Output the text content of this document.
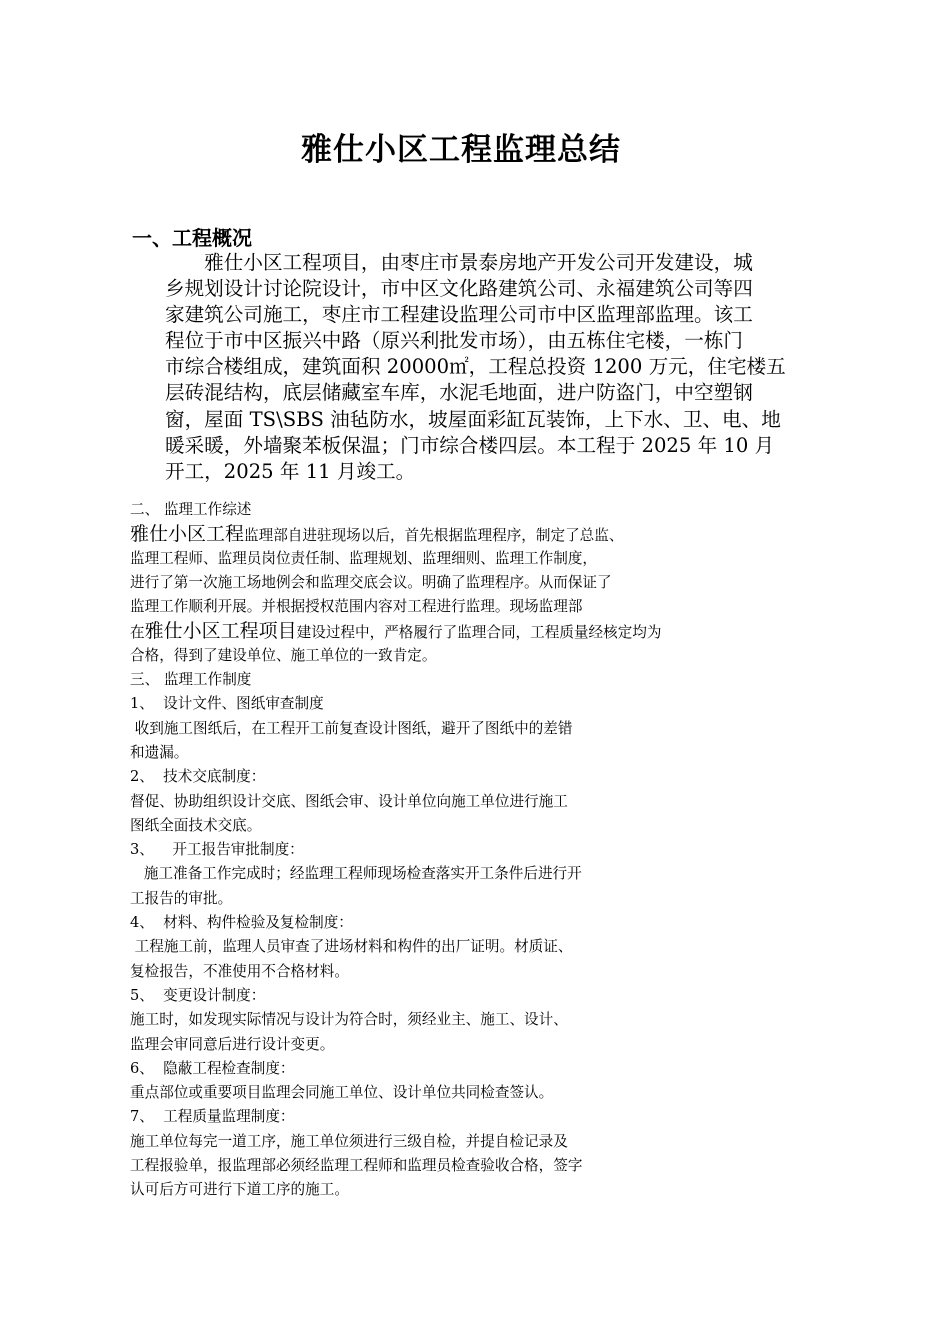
雅仕小区工程监理总结
一、工程概况
　　雅仕小区工程项目，由枣庄市景泰房地产开发公司开发建设，城
乡规划设计讨论院设计，市中区文化路建筑公司、永福建筑公司等四
家建筑公司施工，枣庄市工程建设监理公司市中区监理部监理。该工
程位于市中区振兴中路（原兴利批发市场），由五栋住宅楼，一栋门
市综合楼组成，建筑面积 20000㎡，工程总投资 1200 万元，住宅楼五
层砖混结构，底层储藏室车库，水泥毛地面，进户防盗门，中空塑钢
窗，屋面 TS\SBS 油毡防水，坡屋面彩缸瓦装饰，上下水、卫、电、地
暖采暖，外墙聚苯板保温；门市综合楼四层。本工程于 2025 年 10 月
开工，2025 年 11 月竣工。
二、 监理工作综述
雅仕小区工程监理部自进驻现场以后，首先根据监理程序，制定了总监、
监理工程师、监理员岗位责任制、监理规划、监理细则、监理工作制度，
进行了第一次施工场地例会和监理交底会议。明确了监理程序。从而保证了
监理工作顺利开展。并根据授权范围内容对工程进行监理。现场监理部
在雅仕小区工程项目建设过程中，严格履行了监理合同，工程质量经核定均为
合格，得到了建设单位、施工单位的一致肯定。
三、 监理工作制度
1、  设计文件、图纸审查制度
收到施工图纸后，在工程开工前复查设计图纸，避开了图纸中的差错
和遗漏。
2、  技术交底制度：
督促、协助组织设计交底、图纸会审、设计单位向施工单位进行施工
图纸全面技术交底。
3、    开工报告审批制度：
施工准备工作完成时；经监理工程师现场检查落实开工条件后进行开
工报告的审批。
4、  材料、构件检验及复检制度：
工程施工前，监理人员审查了进场材料和构件的出厂证明。材质证、
复检报告，不准使用不合格材料。
5、  变更设计制度：
施工时，如发现实际情况与设计为符合时，须经业主、施工、设计、
监理会审同意后进行设计变更。
6、  隐蔽工程检查制度：
重点部位或重要项目监理会同施工单位、设计单位共同检查签认。
7、  工程质量监理制度：
施工单位每完一道工序，施工单位须进行三级自检，并提自检记录及
工程报验单，报监理部必须经监理工程师和监理员检查验收合格，签字
认可后方可进行下道工序的施工。
